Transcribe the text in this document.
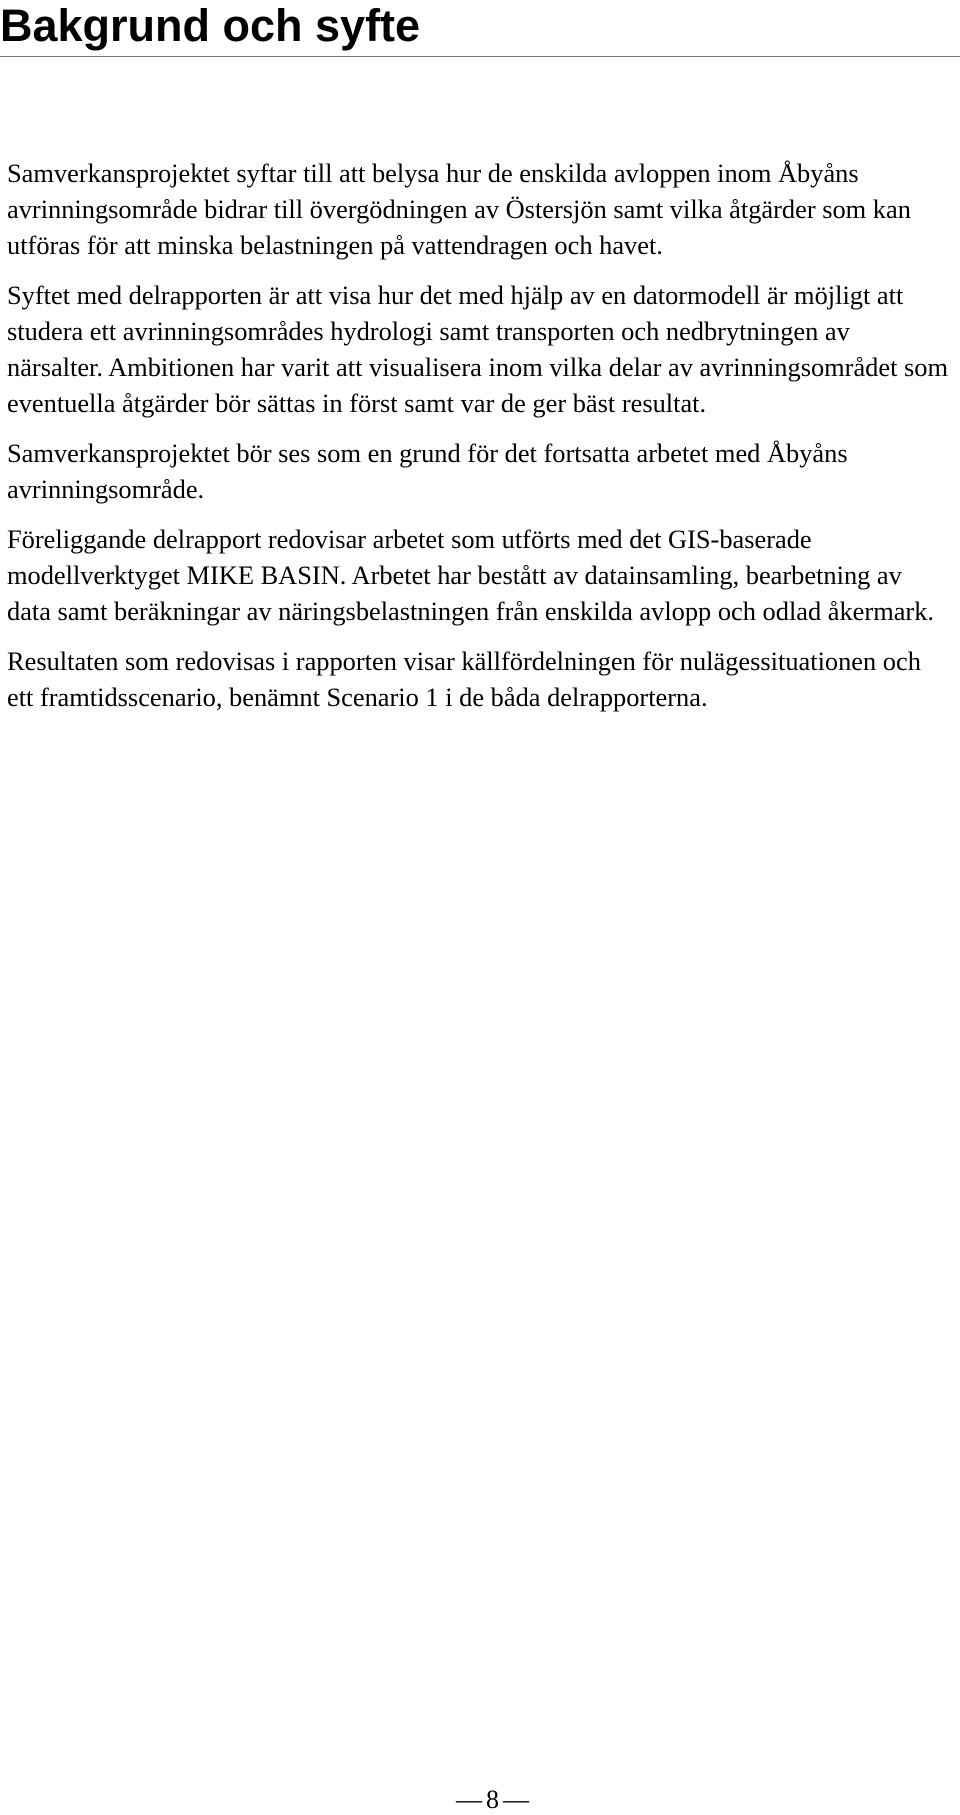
Bakgrund och syfte

Samverkansprojektet syftar till att belysa hur de enskilda avloppen inom Åbyåns avrinningsområde bidrar till övergödningen av Östersjön samt vilka åtgärder som kan utföras för att minska belastningen på vattendragen och havet.

Syftet med delrapporten är att visa hur det med hjälp av en datormodell är möjligt att studera ett avrinningsområdes hydrologi samt transporten och nedbrytningen av närsalter. Ambitionen har varit att visualisera inom vilka delar av avrinningsområdet som eventuella åtgärder bör sättas in först samt var de ger bäst resultat.

Samverkansprojektet bör ses som en grund för det fortsatta arbetet med Åbyåns avrinningsområde.

Föreliggande delrapport redovisar arbetet som utförts med det GIS-baserade modellverktyget MIKE BASIN. Arbetet har bestått av datainsamling, bearbetning av data samt beräkningar av näringsbelastningen från enskilda avlopp och odlad åkermark.

Resultaten som redovisas i rapporten visar källfördelningen för nulägessituationen och ett framtidsscenario, benämnt Scenario 1 i de båda delrapporterna.

— 8 —
